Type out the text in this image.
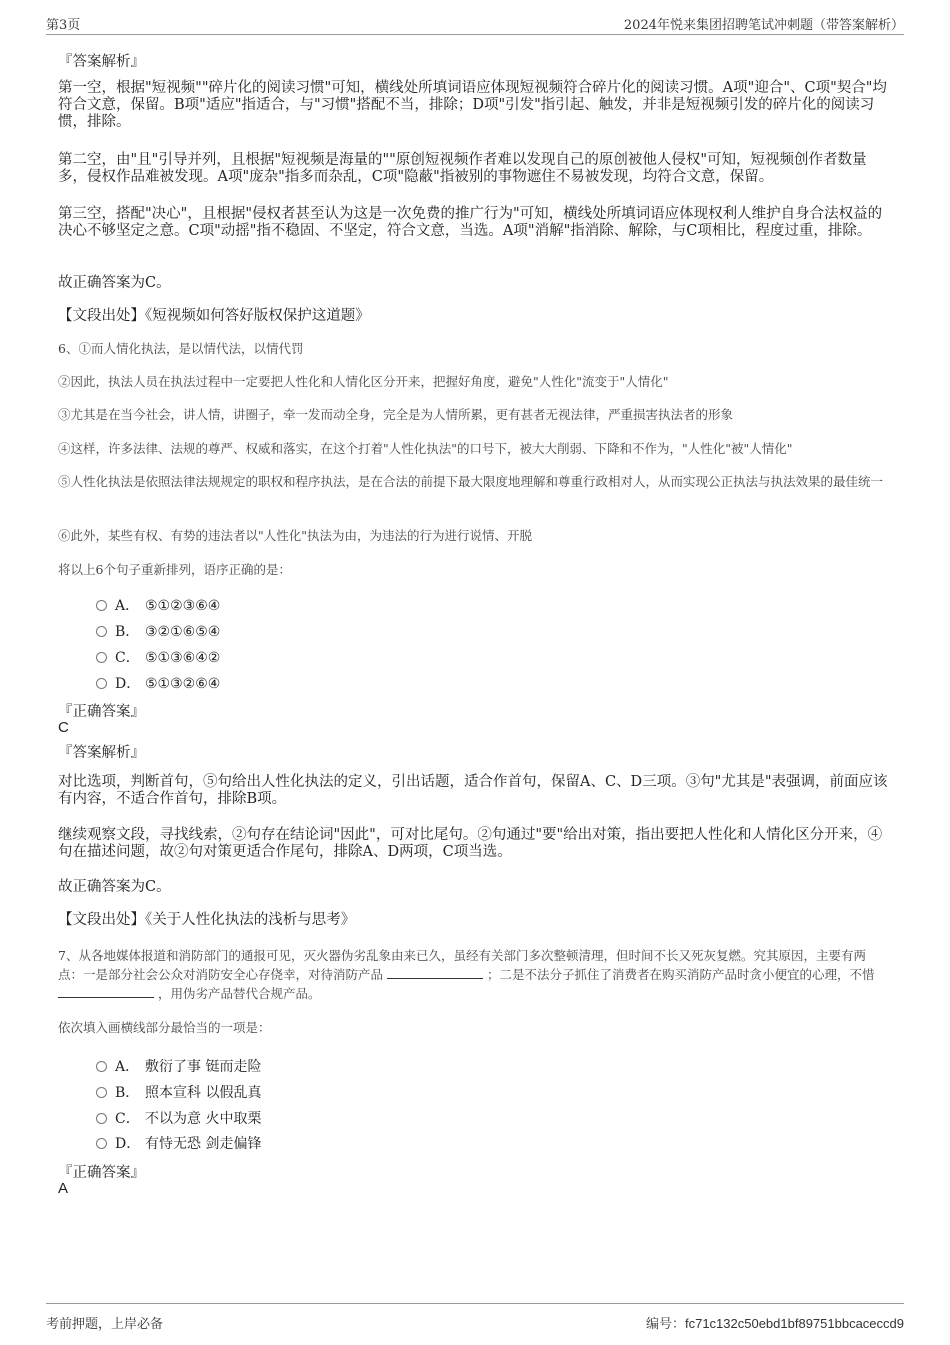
第3页	2024年悦来集团招聘笔试冲刺题（带答案解析）
『答案解析』
第一空，根据"短视频""碎片化的阅读习惯"可知，横线处所填词语应体现短视频符合碎片化的阅读习惯。A项"迎合"、C项"契合"均符合文意，保留。B项"适应"指适合，与"习惯"搭配不当，排除；D项"引发"指引起、触发，并非是短视频引发的碎片化的阅读习惯，排除。
第二空，由"且"引导并列，且根据"短视频是海量的""原创短视频作者难以发现自己的原创被他人侵权"可知，短视频创作者数量多，侵权作品难被发现。A项"庞杂"指多而杂乱，C项"隐蔽"指被别的事物遮住不易被发现，均符合文意，保留。
第三空，搭配"决心"，且根据"侵权者甚至认为这是一次免费的推广行为"可知，横线处所填词语应体现权利人维护自身合法权益的决心不够坚定之意。C项"动摇"指不稳固、不坚定，符合文意，当选。A项"消解"指消除、解除，与C项相比，程度过重，排除。
故正确答案为C。
【文段出处】《短视频如何答好版权保护这道题》
6、①而人情化执法，是以情代法，以情代罚
②因此，执法人员在执法过程中一定要把人性化和人情化区分开来，把握好角度，避免"人性化"流变于"人情化"
③尤其是在当今社会，讲人情，讲圈子，牵一发而动全身，完全是为人情所累，更有甚者无视法律，严重损害执法者的形象
④这样，许多法律、法规的尊严、权威和落实，在这个打着"人性化执法"的口号下，被大大削弱、下降和不作为，"人性化"被"人情化"
⑤人性化执法是依照法律法规规定的职权和程序执法，是在合法的前提下最大限度地理解和尊重行政相对人，从而实现公正执法与执法效果的最佳统一
⑥此外，某些有权、有势的违法者以"人性化"执法为由，为违法的行为进行说情、开脱
将以上6个句子重新排列，语序正确的是：
A． ⑤①②③⑥④
B． ③②①⑥⑤④
C． ⑤①③⑥④②
D． ⑤①③②⑥④
『正确答案』
C
『答案解析』
对比选项，判断首句，⑤句给出人性化执法的定义，引出话题，适合作首句，保留A、C、D三项。③句"尤其是"表强调，前面应该有内容，不适合作首句，排除B项。
继续观察文段，寻找线索，②句存在结论词"因此"，可对比尾句。②句通过"要"给出对策，指出要把人性化和人情化区分开来，④句在描述问题，故②句对策更适合作尾句，排除A、D两项，C项当选。
故正确答案为C。
【文段出处】《关于人性化执法的浅析与思考》
7、从各地媒体报道和消防部门的通报可见，灭火器伪劣乱象由来已久，虽经有关部门多次整顿清理，但时间不长又死灰复燃。究其原因，主要有两点：一是部分社会公众对消防安全心存侥幸，对待消防产品	；二是不法分子抓住了消费者在购买消防产品时贪小便宜的心理，不惜  ，用伪劣产品替代合规产品。
依次填入画横线部分最恰当的一项是：
A． 敷衍了事 铤而走险
B． 照本宣科 以假乱真
C． 不以为意 火中取栗
D． 有恃无恐 剑走偏锋
『正确答案』
A
考前押题，上岸必备	编号：fc71c132c50ebd1bf89751bbcaceccd9
